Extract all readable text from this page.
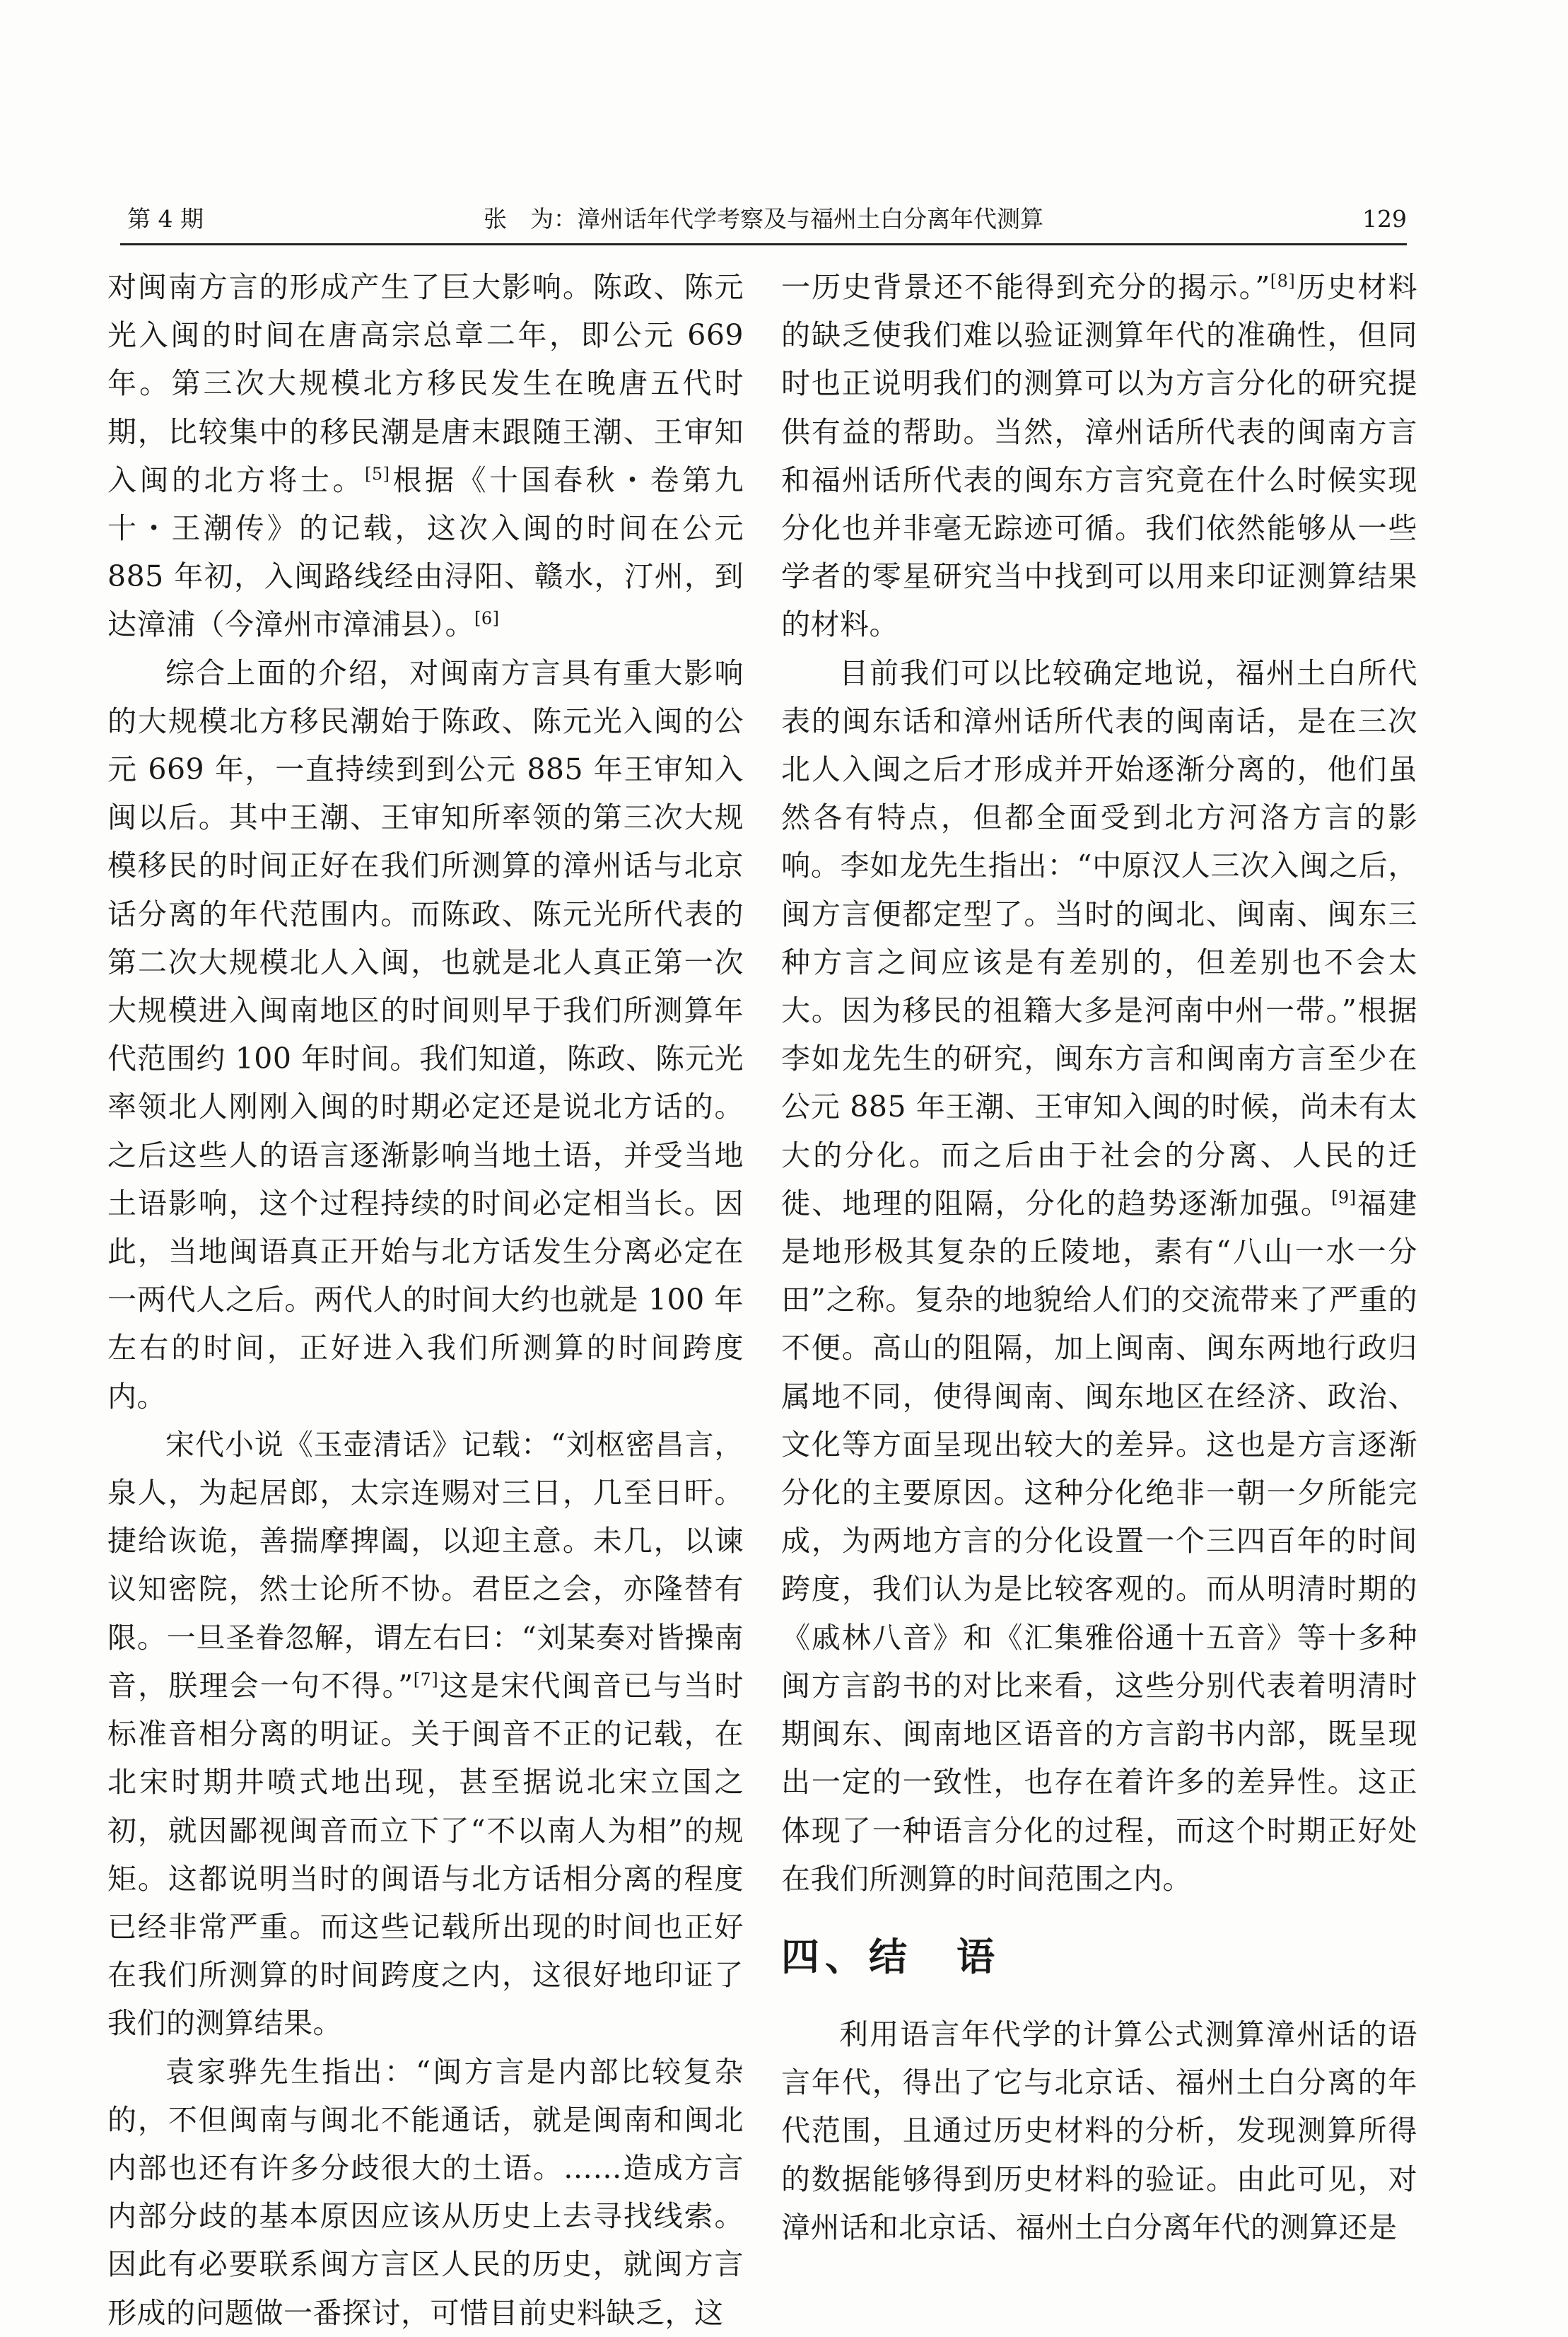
第 4 期	张　为：漳州话年代学考察及与福州土白分离年代测算	129

对闽南方言的形成产生了巨大影响。陈政、陈元光入闽的时间在唐高宗总章二年，即公元 669 年。第三次大规模北方移民发生在晚唐五代时期，比较集中的移民潮是唐末跟随王潮、王审知入闽的北方将士。[5]根据《十国春秋・卷第九十・王潮传》的记载，这次入闽的时间在公元 885 年初，入闽路线经由浔阳、赣水，汀州，到达漳浦（今漳州市漳浦县）。[6]

综合上面的介绍，对闽南方言具有重大影响的大规模北方移民潮始于陈政、陈元光入闽的公元 669 年，一直持续到到公元 885 年王审知入闽以后。其中王潮、王审知所率领的第三次大规模移民的时间正好在我们所测算的漳州话与北京话分离的年代范围内。而陈政、陈元光所代表的第二次大规模北人入闽，也就是北人真正第一次大规模进入闽南地区的时间则早于我们所测算年代范围约 100 年时间。我们知道，陈政、陈元光率领北人刚刚入闽的时期必定还是说北方话的。之后这些人的语言逐渐影响当地土语，并受当地土语影响，这个过程持续的时间必定相当长。因此，当地闽语真正开始与北方话发生分离必定在一两代人之后。两代人的时间大约也就是 100 年左右的时间，正好进入我们所测算的时间跨度内。

宋代小说《玉壶清话》记载：“刘枢密昌言，泉人，为起居郎，太宗连赐对三日，几至日旰。捷给诙诡，善揣摩捭阖，以迎主意。未几，以谏议知密院，然士论所不协。君臣之会，亦隆替有限。一旦圣眷忽解，谓左右曰：“刘某奏对皆操南音，朕理会一句不得。”[7]这是宋代闽音已与当时标准音相分离的明证。关于闽音不正的记载，在北宋时期井喷式地出现，甚至据说北宋立国之初，就因鄙视闽音而立下了“不以南人为相”的规矩。这都说明当时的闽语与北方话相分离的程度已经非常严重。而这些记载所出现的时间也正好在我们所测算的时间跨度之内，这很好地印证了我们的测算结果。

袁家骅先生指出：“闽方言是内部比较复杂的，不但闽南与闽北不能通话，就是闽南和闽北内部也还有许多分歧很大的土语。……造成方言内部分歧的基本原因应该从历史上去寻找线索。因此有必要联系闽方言区人民的历史，就闽方言形成的问题做一番探讨，可惜目前史料缺乏，这

一历史背景还不能得到充分的揭示。”[8]历史材料的缺乏使我们难以验证测算年代的准确性，但同时也正说明我们的测算可以为方言分化的研究提供有益的帮助。当然，漳州话所代表的闽南方言和福州话所代表的闽东方言究竟在什么时候实现分化也并非毫无踪迹可循。我们依然能够从一些学者的零星研究当中找到可以用来印证测算结果的材料。

目前我们可以比较确定地说，福州土白所代表的闽东话和漳州话所代表的闽南话，是在三次北人入闽之后才形成并开始逐渐分离的，他们虽然各有特点，但都全面受到北方河洛方言的影响。李如龙先生指出：“中原汉人三次入闽之后，闽方言便都定型了。当时的闽北、闽南、闽东三种方言之间应该是有差别的，但差别也不会太大。因为移民的祖籍大多是河南中州一带。”根据李如龙先生的研究，闽东方言和闽南方言至少在公元 885 年王潮、王审知入闽的时候，尚未有太大的分化。而之后由于社会的分离、人民的迁徙、地理的阻隔，分化的趋势逐渐加强。[9]福建是地形极其复杂的丘陵地，素有“八山一水一分田”之称。复杂的地貌给人们的交流带来了严重的不便。高山的阻隔，加上闽南、闽东两地行政归属地不同，使得闽南、闽东地区在经济、政治、文化等方面呈现出较大的差异。这也是方言逐渐分化的主要原因。这种分化绝非一朝一夕所能完成，为两地方言的分化设置一个三四百年的时间跨度，我们认为是比较客观的。而从明清时期的《戚林八音》和《汇集雅俗通十五音》等十多种闽方言韵书的对比来看，这些分别代表着明清时期闽东、闽南地区语音的方言韵书内部，既呈现出一定的一致性，也存在着许多的差异性。这正体现了一种语言分化的过程，而这个时期正好处在我们所测算的时间范围之内。

四、结　语

利用语言年代学的计算公式测算漳州话的语言年代，得出了它与北京话、福州土白分离的年代范围，且通过历史材料的分析，发现测算所得的数据能够得到历史材料的验证。由此可见，对漳州话和北京话、福州土白分离年代的测算还是
